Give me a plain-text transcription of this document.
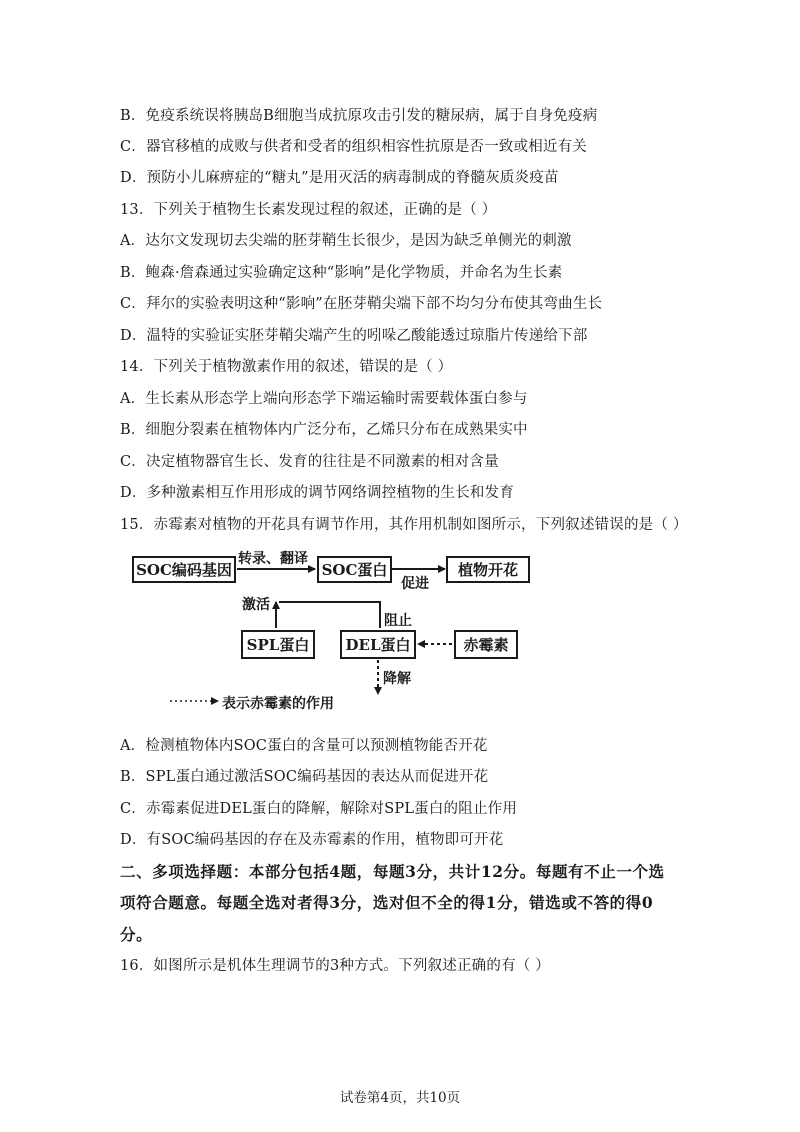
B．免疫系统误将胰岛B细胞当成抗原攻击引发的糖尿病，属于自身免疫病
C．器官移植的成败与供者和受者的组织相容性抗原是否一致或相近有关
D．预防小儿麻痹症的“糖丸”是用灭活的病毒制成的脊髓灰质炎疫苗
13．下列关于植物生长素发现过程的叙述，正确的是（ ）
A．达尔文发现切去尖端的胚芽鞘生长很少，是因为缺乏单侧光的刺激
B．鲍森·詹森通过实验确定这种“影响”是化学物质，并命名为生长素
C．拜尔的实验表明这种“影响”在胚芽鞘尖端下部不均匀分布使其弯曲生长
D．温特的实验证实胚芽鞘尖端产生的吲哚乙酸能透过琼脂片传递给下部
14．下列关于植物激素作用的叙述，错误的是（ ）
A．生长素从形态学上端向形态学下端运输时需要载体蛋白参与
B．细胞分裂素在植物体内广泛分布，乙烯只分布在成熟果实中
C．决定植物器官生长、发育的往往是不同激素的相对含量
D．多种激素相互作用形成的调节网络调控植物的生长和发育
15．赤霉素对植物的开花具有调节作用，其作用机制如图所示，下列叙述错误的是（ ）
SOC编码基因	SOC蛋白	植物开花
SPL蛋白	DEL蛋白	赤霉素
转录、翻译
促进
激活
阻止
降解
表示赤霉素的作用
A．检测植物体内SOC蛋白的含量可以预测植物能否开花
B．SPL蛋白通过激活SOC编码基因的表达从而促进开花
C．赤霉素促进DEL蛋白的降解，解除对SPL蛋白的阻止作用
D．有SOC编码基因的存在及赤霉素的作用，植物即可开花
二、多项选择题：本部分包括4题，每题3分，共计12分。每题有不止一个选
项符合题意。每题全选对者得3分，选对但不全的得1分，错选或不答的得0
分。
16．如图所示是机体生理调节的3种方式。下列叙述正确的有（ ）
试卷第4页，共10页
